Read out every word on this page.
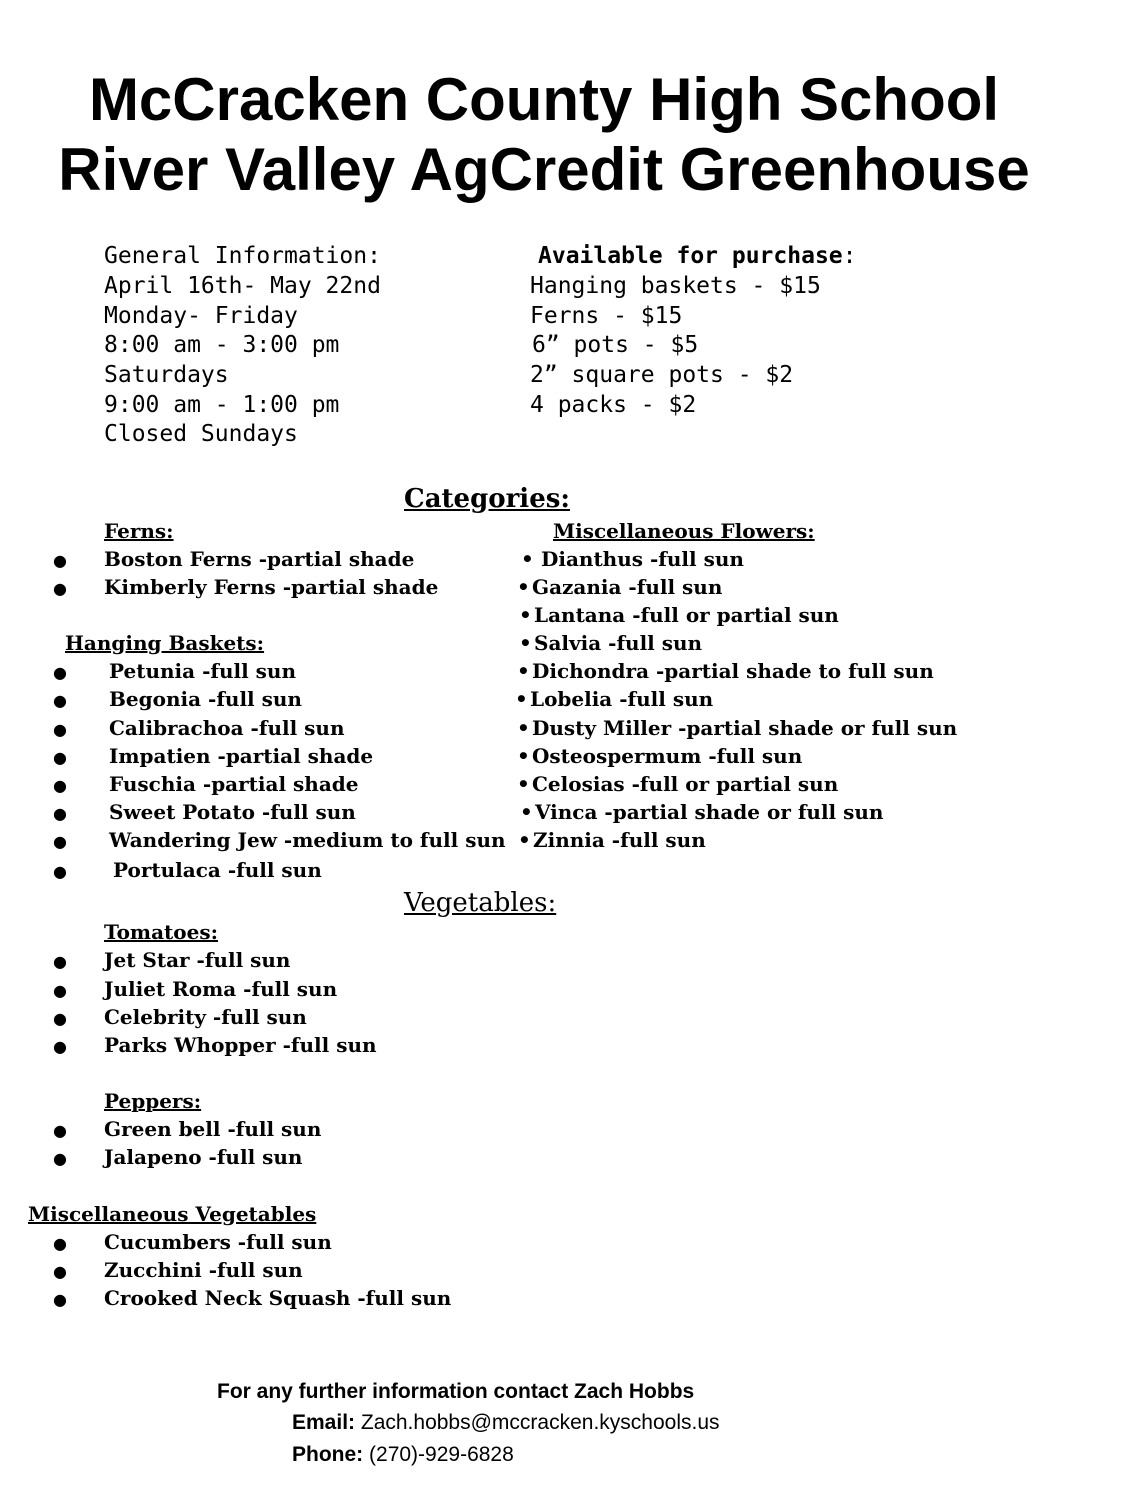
McCracken County High School
River Valley AgCredit Greenhouse
General Information:
April 16th- May 22nd
Monday- Friday
8:00 am - 3:00 pm
Saturdays
9:00 am - 1:00 pm
Closed Sundays
Available for purchase:
Hanging baskets - $15
Ferns - $15
6” pots - $5
2” square pots - $2
4 packs - $2
Categories:
Ferns:
● Boston Ferns -partial shade
● Kimberly Ferns -partial shade
Hanging Baskets:
● Petunia -full sun
● Begonia -full sun
● Calibrachoa -full sun
● Impatien -partial shade
● Fuschia -partial shade
● Sweet Potato -full sun
● Wandering Jew -medium to full sun
● Portulaca -full sun
Miscellaneous Flowers:
• Dianthus -full sun
• Gazania -full sun
• Lantana -full or partial sun
• Salvia -full sun
• Dichondra -partial shade to full sun
• Lobelia -full sun
• Dusty Miller -partial shade or full sun
• Osteospermum -full sun
• Celosias -full or partial sun
• Vinca -partial shade or full sun
• Zinnia -full sun
Vegetables:
Tomatoes:
● Jet Star -full sun
● Juliet Roma -full sun
● Celebrity -full sun
● Parks Whopper -full sun
Peppers:
● Green bell -full sun
● Jalapeno -full sun
Miscellaneous Vegetables
● Cucumbers -full sun
● Zucchini -full sun
● Crooked Neck Squash -full sun
For any further information contact Zach Hobbs
Email: Zach.hobbs@mccracken.kyschools.us
Phone: (270)-929-6828
